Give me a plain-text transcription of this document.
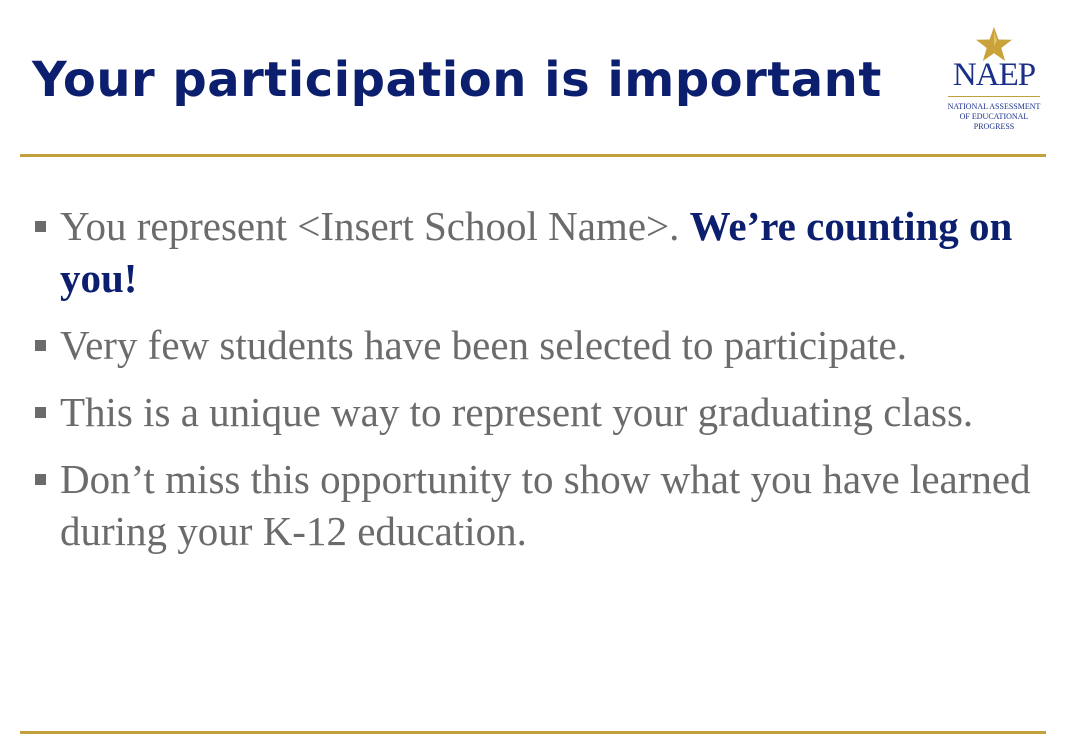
Your participation is important NAEP
NATIONAL ASSESSMENT
OF EDUCATIONAL
PROGRESS
You represent <Insert School Name>. We’re counting on you!
Very few students have been selected to participate.
This is a unique way to represent your graduating class.
Don’t miss this opportunity to show what you have learned during your K-12 education.
